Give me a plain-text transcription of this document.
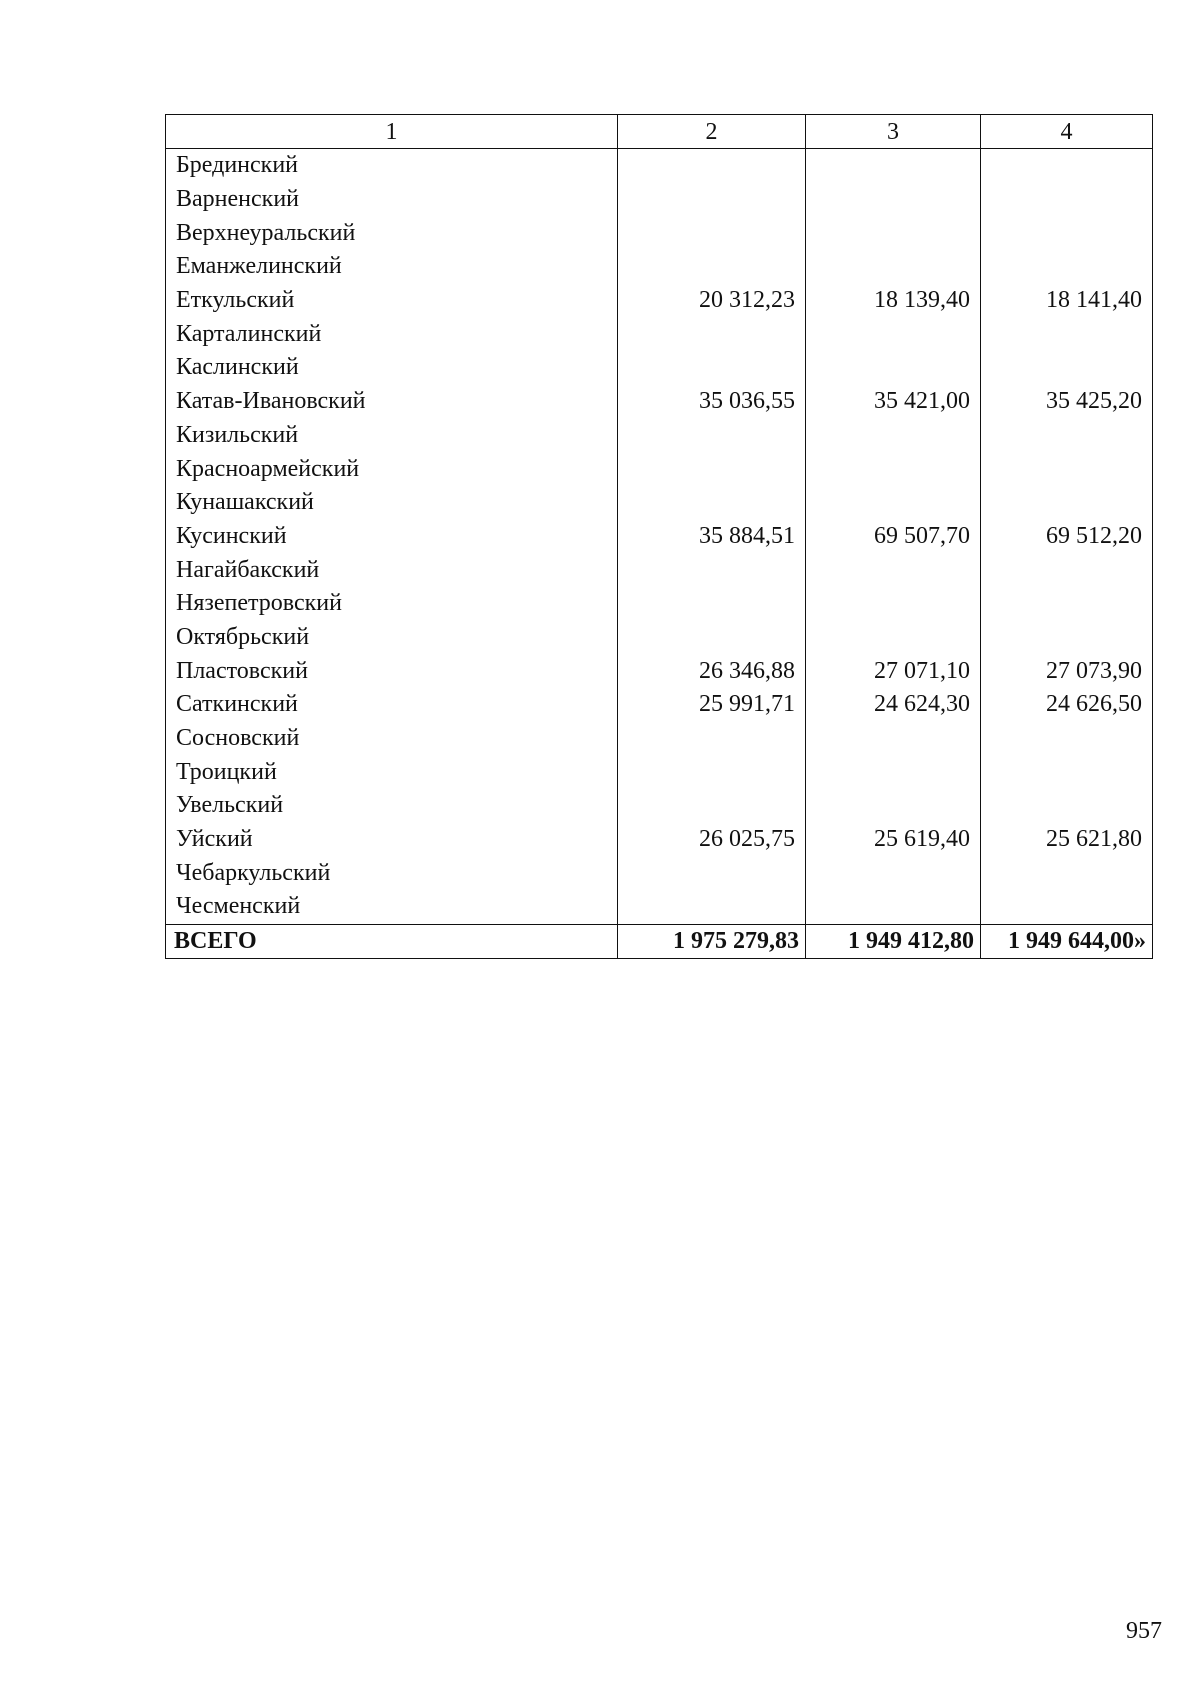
1	2	3	4
Брединский			
Варненский			
Верхнеуральский			
Еманжелинский			
Еткульский	20 312,23	18 139,40	18 141,40
Карталинский			
Каслинский			
Катав-Ивановский	35 036,55	35 421,00	35 425,20
Кизильский			
Красноармейский			
Кунашакский			
Кусинский	35 884,51	69 507,70	69 512,20
Нагайбакский			
Нязепетровский			
Октябрьский			
Пластовский	26 346,88	27 071,10	27 073,90
Саткинский	25 991,71	24 624,30	24 626,50
Сосновский			
Троицкий			
Увельский			
Уйский	26 025,75	25 619,40	25 621,80
Чебаркульский			
Чесменский			
ВСЕГО	1 975 279,83	1 949 412,80	1 949 644,00»
957
